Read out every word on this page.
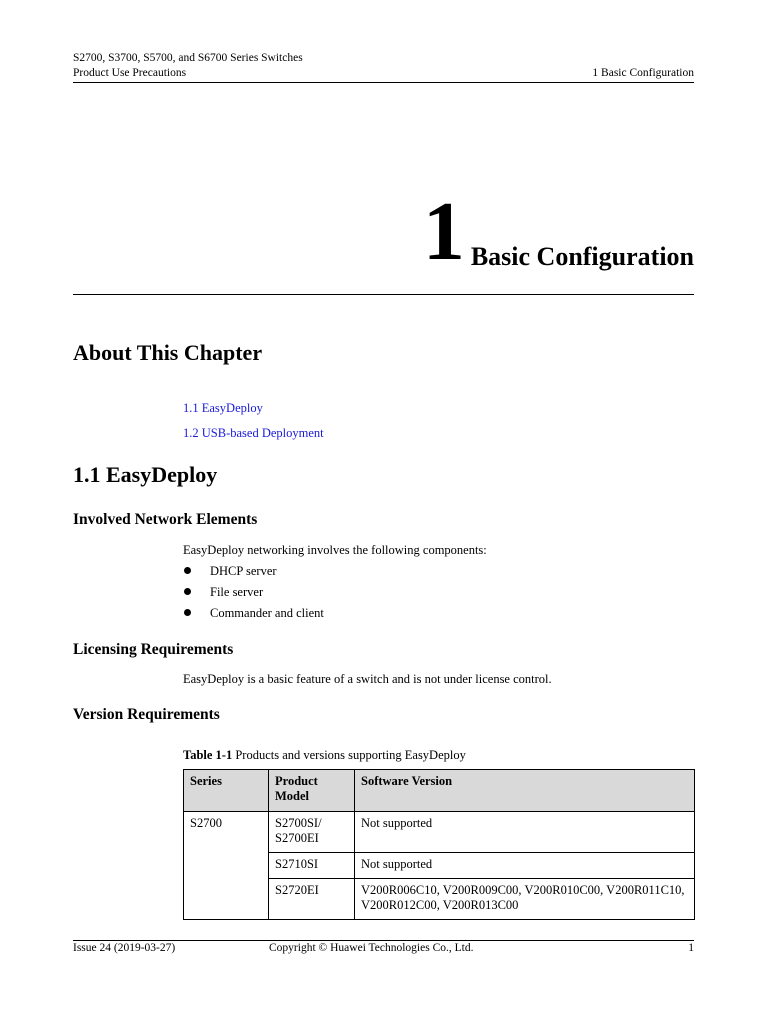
S2700, S3700, S5700, and S6700 Series Switches
Product Use Precautions	1 Basic Configuration
1 Basic Configuration
About This Chapter
1.1 EasyDeploy
1.2 USB-based Deployment
1.1 EasyDeploy
Involved Network Elements
EasyDeploy networking involves the following components:
DHCP server
File server
Commander and client
Licensing Requirements
EasyDeploy is a basic feature of a switch and is not under license control.
Version Requirements
Table 1-1 Products and versions supporting EasyDeploy
Series	Product Model	Software Version
S2700	S2700SI/ S2700EI	Not supported
	S2710SI	Not supported
	S2720EI	V200R006C10, V200R009C00, V200R010C00, V200R011C10, V200R012C00, V200R013C00
Issue 24 (2019-03-27)	Copyright © Huawei Technologies Co., Ltd.	1
